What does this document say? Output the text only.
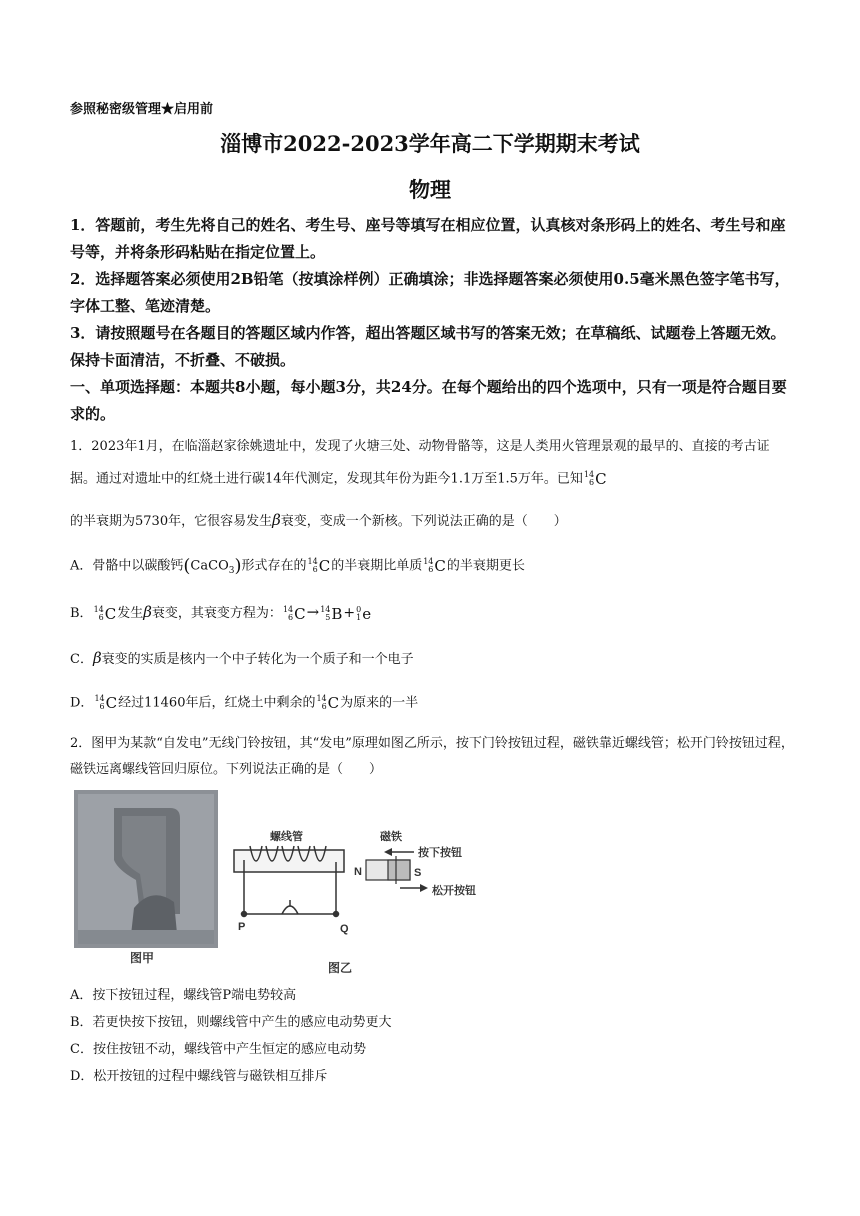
参照秘密级管理★启用前
淄博市2022-2023学年高二下学期期末考试
物理
1．答题前，考生先将自己的姓名、考生号、座号等填写在相应位置，认真核对条形码上的姓名、考生号和座号等，并将条形码粘贴在指定位置上。
2．选择题答案必须使用2B铅笔（按填涂样例）正确填涂；非选择题答案必须使用0.5毫米黑色签字笔书写，字体工整、笔迹清楚。
3．请按照题号在各题目的答题区域内作答，超出答题区域书写的答案无效；在草稿纸、试题卷上答题无效。保持卡面清洁，不折叠、不破损。
一、单项选择题：本题共8小题，每小题3分，共24分。在每个题给出的四个选项中，只有一项是符合题目要求的。
1．2023年1月，在临淄赵家徐姚遗址中，发现了火塘三处、动物骨骼等，这是人类用火管理景观的最早的、直接的考古证据。通过对遗址中的红烧土进行碳14年代测定，发现其年份为距今1.1万至1.5万年。已知 14
6 C
的半衰期为5730年，它很容易发生β衰变，变成一个新核。下列说法正确的是（　　）
A．骨骼中以碳酸钙(CaCO$_3$)形式存在的 14
6 C 的半衰期比单质 14
6 C 的半衰期更长
B． 14
6 C 发生β衰变，其衰变方程为： 14
6 C → 14
5 B + 0
1 e
C．β衰变的实质是核内一个中子转化为一个质子和一个电子
D． 14
6 C 经过11460年后，红烧土中剩余的 14
6 C 为原来的一半
2．图甲为某款“自发电”无线门铃按钮，其“发电”原理如图乙所示，按下门铃按钮过程，磁铁靠近螺线管；松开门铃按钮过程，磁铁远离螺线管回归原位。下列说法正确的是（　　）
图甲
螺线管
P	Q
图乙
磁铁
N	S
按下按钮
松开按钮
A．按下按钮过程，螺线管P端电势较高
B．若更快按下按钮，则螺线管中产生的感应电动势更大
C．按住按钮不动，螺线管中产生恒定的感应电动势
D．松开按钮的过程中螺线管与磁铁相互排斥
